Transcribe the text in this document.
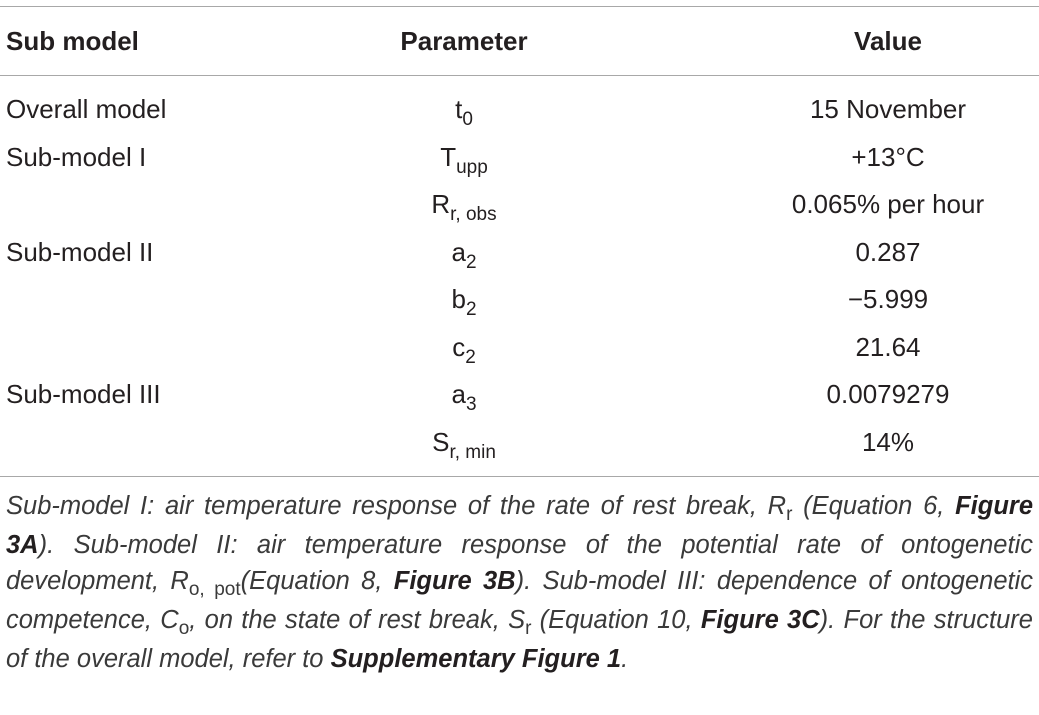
Sub model	Parameter	Value
Overall model	$t_0$	15 November
Sub-model I	$T_{upp}$	+13°C
	$R_{r, obs}$	0.065% per hour
Sub-model II	$a_2$	0.287
	$b_2$	−5.999
	$c_2$	21.64
Sub-model III	$a_3$	0.0079279
	$S_{r, min}$	14%
Sub-model I: air temperature response of the rate of rest break, $R_r$ (Equation 6, Figure 3A). Sub-model II: air temperature response of the potential rate of ontogenetic development, $R_{o, pot}(Equation$ 8, Figure 3B). Sub-model III: dependence of ontogenetic competence, $C_o$, on the state of rest break, $S_r$ (Equation 10, Figure 3C). For the structure of the overall model, refer to Supplementary Figure 1.
